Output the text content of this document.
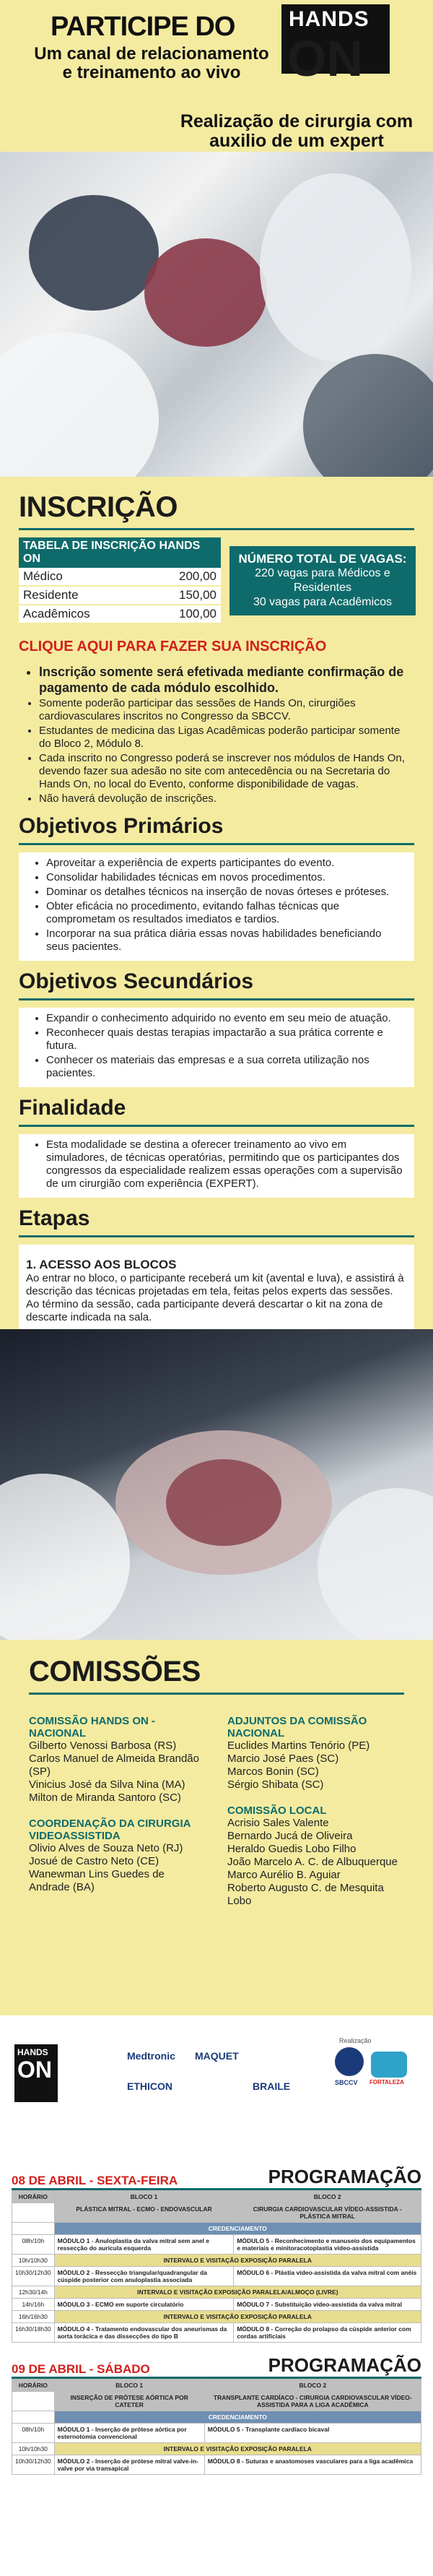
PARTICIPE DO HANDS
ON
Um canal de relacionamento e treinamento ao vivo
Realização de cirurgia com auxilio de um expert
INSCRIÇÃO
TABELA DE INSCRIÇÃO HANDS ON	
Médico	200,00
Residente	150,00
Acadêmicos	100,00
NÚMERO TOTAL DE VAGAS:
220 vagas para Médicos e Residentes
30 vagas para Acadêmicos
CLIQUE AQUI PARA FAZER SUA INSCRIÇÃO
• Inscrição somente será efetivada mediante confirmação de pagamento de cada módulo escolhido.
• Somente poderão participar das sessões de Hands On, cirurgiões cardiovasculares inscritos no Congresso da SBCCV.
• Estudantes de medicina das Ligas Acadêmicas poderão participar somente do Bloco 2, Módulo 8.
• Cada inscrito no Congresso poderá se inscrever nos módulos de Hands On, devendo fazer sua adesão no site com antecedência ou na Secretaria do Hands On, no local do Evento, conforme disponibilidade de vagas.
• Não haverá devolução de inscrições.
Objetivos Primários
• Aproveitar a experiência de experts participantes do evento.
• Consolidar habilidades técnicas em novos procedimentos.
• Dominar os detalhes técnicos na inserção de novas órteses e próteses.
• Obter eficácia no procedimento, evitando falhas técnicas que comprometam os resultados imediatos e tardios.
• Incorporar na sua prática diária essas novas habilidades beneficiando seus pacientes.
Objetivos Secundários
• Expandir o conhecimento adquirido no evento em seu meio de atuação.
• Reconhecer quais destas terapias impactarão a sua prática corrente e futura.
• Conhecer os materiais das empresas e a sua correta utilização nos pacientes.
Finalidade
• Esta modalidade se destina a oferecer treinamento ao vivo em simuladores, de técnicas operatórias, permitindo que os participantes dos congressos da especialidade realizem essas operações com a supervisão de um cirurgião com experiência (EXPERT).
Etapas
1. ACESSO AOS BLOCOS
Ao entrar no bloco, o participante receberá um kit (avental e luva), e assistirá à descrição das técnicas projetadas em tela, feitas pelos experts das sessões. Ao término da sessão, cada participante deverá descartar o kit na zona de descarte indicada na sala.
COMISSÕES
COMISSÃO HANDS ON - NACIONAL
Gilberto Venossi Barbosa (RS)
Carlos Manuel de Almeida Brandão (SP)
Vinicius José da Silva Nina (MA)
Milton de Miranda Santoro (SC)
COORDENAÇÃO DA CIRURGIA VIDEOASSISTIDA
Olivio Alves de Souza Neto (RJ)
Josué de Castro Neto (CE)
Wanewman Lins Guedes de Andrade (BA)
ADJUNTOS DA COMISSÃO NACIONAL
Euclides Martins Tenório (PE)
Marcio José Paes (SC)
Marcos Bonin (SC)
Sérgio Shibata (SC)
COMISSÃO LOCAL
Acrisio Sales Valente
Bernardo Jucá de Oliveira
Heraldo Guedis Lobo Filho
João Marcelo A. C. de Albuquerque
Marco Aurélio B. Aguiar
Roberto Augusto C. de Mesquita Lobo
HANDS
ON
Medtronic MAQUET
ETHICON	BRAILE
Realização
SBCCV FORTALEZA
08 DE ABRIL - SEXTA-FEIRA	PROGRAMAÇÃO
HORÁRIO	BLOCO 1	BLOCO 2
	PLÁSTICA MITRAL - ECMO - ENDOVASCULAR	CIRURGIA CARDIOVASCULAR VÍDEO-ASSISTIDA - PLÁSTICA MITRAL
	CREDENCIAMENTO	
08h/10h	MÓDULO 1 - Anuloplastia da valva mitral sem anel e ressecção do auricula esquerda	MÓDULO 5 - Reconhecimento e manuseio dos equipamentos e materiais e minitoracotoplastia vídeo-assistida
10h/10h30	INTERVALO E VISITAÇÃO EXPOSIÇÃO PARALELA	
10h30/12h30	MÓDULO 2 - Ressecção triangular/quadrangular da cúspide posterior com anuloplastia associada	MÓDULO 6 - Plástia vídeo-assistida da valva mitral com anéis
12h30/14h	INTERVALO E VISITAÇÃO EXPOSIÇÃO PARALELA/ALMOÇO (LIVRE)	
14h/16h	MÓDULO 3 - ECMO em suporte circulatório	MÓDULO 7 - Substituição vídeo-assistida da valva mitral
16h/16h30	INTERVALO E VISITAÇÃO EXPOSIÇÃO PARALELA	
16h30/18h30	MÓDULO 4 - Tratamento endovascular dos aneurismas da aorta torácica e das dissecções do tipo B	MÓDULO 8 - Correção do prolapso da cúspide anterior com cordas artificiais
09 DE ABRIL - SÁBADO	PROGRAMAÇÃO
HORÁRIO	BLOCO 1	BLOCO 2
	INSERÇÃO DE PRÓTESE AÓRTICA POR CATETER	TRANSPLANTE CARDÍACO - CIRURGIA CARDIOVASCULAR VÍDEO-ASSISTIDA PARA A LIGA ACADÊMICA
	CREDENCIAMENTO	
08h/10h	MÓDULO 1 - Inserção de prótese aórtica por esternotomia convencional	MÓDULO 5 - Transplante cardíaco bicaval
10h/10h30	INTERVALO E VISITAÇÃO EXPOSIÇÃO PARALELA	
10h30/12h30	MÓDULO 2 - Inserção de prótese mitral valve-in-valve por via transapical	MÓDULO 8 - Suturas e anastomoses vasculares para a liga acadêmica
